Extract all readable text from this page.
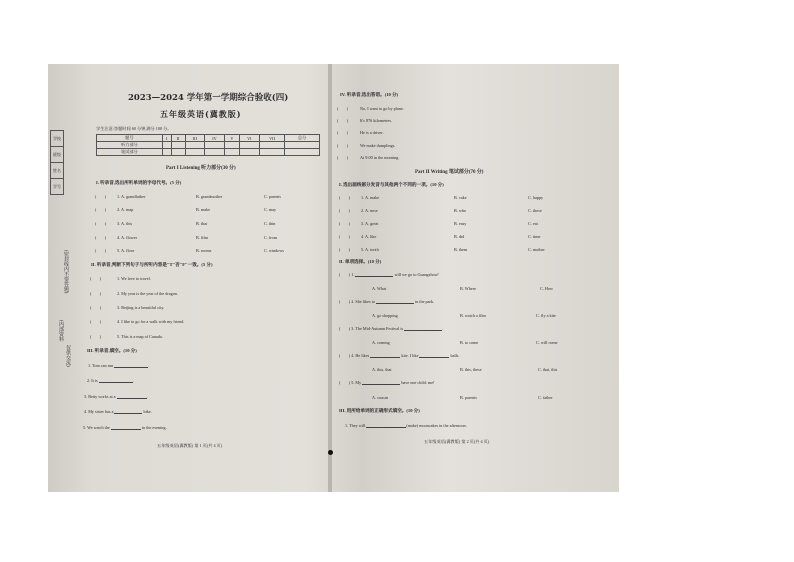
2023—2024 学年第一学期综合验收(四)
五年级英语(冀教版)
学校
班级
姓名
学号
(密封线内不要答题)
(内部资料
仅供交流)
学生注意:答题时间 60 分钟,满分 100 分。
题号	I	II	III	IV	V	VI	VII	总分
听力部分								
笔试部分								
Part I Listening 听力部分(30 分)
I. 听录音,选出所听单词的字母代号。(5 分)
(　　)	1. A. grandfather	B. grandmother	C. parents
(　　)	2. A. map	B. make	C. may
(　　)	3. A. this	B. that	C. thin
(　　)	4. A. flower	B. film	C. from
(　　)	5. A. floor	B. rooms	C. windows
II. 听录音,判断下列句子与所听内容是"T"否"F"一致。(5 分)
(　　)	1. We love to travel.
(　　)	2. My year is the year of the dragon.
(　　)	3. Beijing is a beautiful city.
(　　)	4. I like to go for a walk with my friend.
(　　)	5. This is a map of Canada.
III. 听录音,填空。(10 分)
1. Tom can run	.
2. It is	.
3. Betty works at a	.
4. My sister has a	bike.
5. We watch the	in the evening.
五年级英语(冀教版) 第 1 页(共 4 页)
IV. 听录音,选出答语。(10 分)
(　　)	No, I want to go by plane.
(　　)	It's 876 kilometres.
(　　)	He is a driver.
(　　)	We make dumplings.
(　　)	At 9:00 in the morning.
Part II Writing 笔试部分(70 分)
I. 选出画线部分发音与其他两个不同的一项。(10 分)
(　　)	1. A. make	B. cake	C. happy
(　　)	2. A. nose	B. who	C. those
(　　)	3. A. great	B. easy	C. eat
(　　)	4. A. like	B. did	C. time
(　　)	5. A. tooth	B. them	C. mother
II. 单项选择。(10 分)
(　　) 1.	will we go to Guangzhou?
A. What	B. Where	C. How
(　　) 2. She likes to	in the park.
A. go shopping	B. watch a film	C. fly a kite
(　　) 3. The Mid-Autumn Festival is	.
A. coming	B. to come	C. will come
(　　) 4. He likes	kite. I like	balls.
A. this, that	B. this, these	C. that, this
(　　) 5. My	have one child: me!
A. cousin	B. parents	C. father
III. 用所给单词的正确形式填空。(10 分)
1. They will	(make) mooncakes in the afternoon.
五年级英语(冀教版) 第 2 页(共 4 页)
